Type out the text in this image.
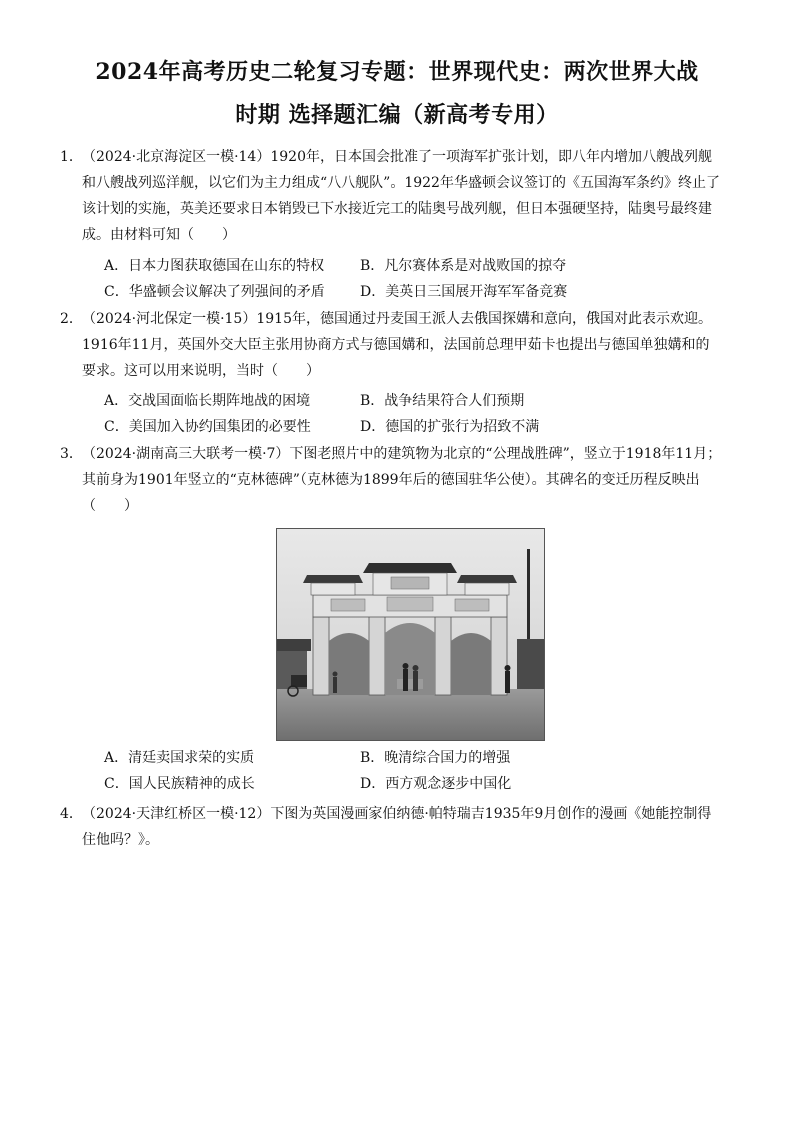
2024年高考历史二轮复习专题：世界现代史：两次世界大战
时期 选择题汇编（新高考专用）
1． （2024·北京海淀区一模·14）1920年，日本国会批准了一项海军扩张计划，即八年内增加八艘战列舰和八艘战列巡洋舰，以它们为主力组成“八八舰队”。1922年华盛顿会议签订的《五国海军条约》终止了该计划的实施，英美还要求日本销毁已下水接近完工的陆奥号战列舰，但日本强硬坚持，陆奥号最终建成。由材料可知（　　）
A．日本力图获取德国在山东的特权	B．凡尔赛体系是对战败国的掠夺
C．华盛顿会议解决了列强间的矛盾	D．美英日三国展开海军军备竞赛
2． （2024·河北保定一模·15）1915年，德国通过丹麦国王派人去俄国探媾和意向，俄国对此表示欢迎。1916年11月，英国外交大臣主张用协商方式与德国媾和，法国前总理甲茹卡也提出与德国单独媾和的要求。这可以用来说明，当时（　　）
A．交战国面临长期阵地战的困境	B．战争结果符合人们预期
C．美国加入协约国集团的必要性	D．德国的扩张行为招致不满
3． （2024·湖南高三大联考一模·7）下图老照片中的建筑物为北京的“公理战胜碑”，竖立于1918年11月；其前身为1901年竖立的“克林德碑”（克林德为1899年后的德国驻华公使）。其碑名的变迁历程反映出（　　）
A．清廷卖国求荣的实质	B．晚清综合国力的增强
C．国人民族精神的成长	D．西方观念逐步中国化
4． （2024·天津红桥区一模·12）下图为英国漫画家伯纳德·帕特瑞吉1935年9月创作的漫画《她能控制得住他吗？》。
